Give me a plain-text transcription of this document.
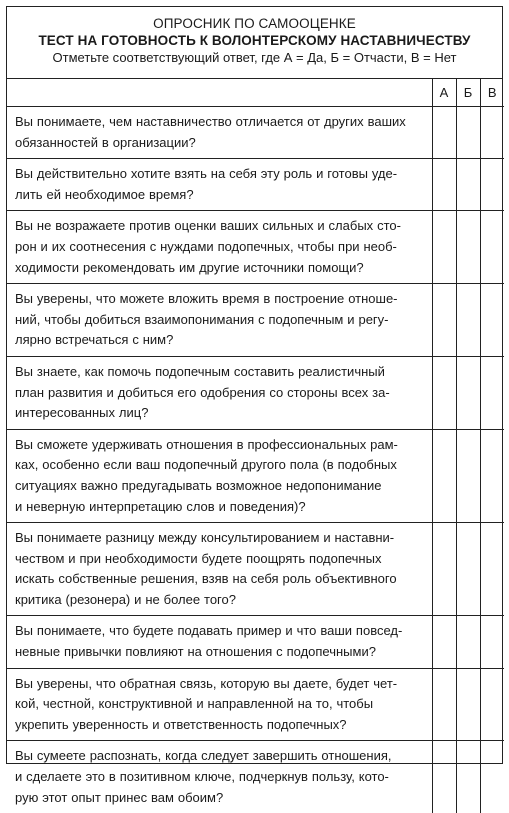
ОПРОСНИК ПО САМООЦЕНКЕ
ТЕСТ НА ГОТОВНОСТЬ К ВОЛОНТЕРСКОМУ НАСТАВНИЧЕСТВУ
Отметьте соответствующий ответ, где А = Да, Б = Отчасти, В = Нет
	А	Б	В

Вы понимаете, чем наставничество отличается от других ваших
обязанностей в организации?			

Вы действительно хотите взять на себя эту роль и готовы уде-
лить ей необходимое время?			

Вы не возражаете против оценки ваших сильных и слабых сто-
рон и их соотнесения с нуждами подопечных, чтобы при необ-
ходимости рекомендовать им другие источники помощи?			

Вы уверены, что можете вложить время в построение отноше-
ний, чтобы добиться взаимопонимания с подопечным и регу-
лярно встречаться с ним?			

Вы знаете, как помочь подопечным составить реалистичный
план развития и добиться его одобрения со стороны всех за-
интересованных лиц?			

Вы сможете удерживать отношения в профессиональных рам-
ках, особенно если ваш подопечный другого пола (в подобных
ситуациях важно предугадывать возможное недопонимание
и неверную интерпретацию слов и поведения)?			

Вы понимаете разницу между консультированием и наставни-
чеством и при необходимости будете поощрять подопечных
искать собственные решения, взяв на себя роль объективного
критика (резонера) и не более того?			

Вы понимаете, что будете подавать пример и что ваши повсед-
невные привычки повлияют на отношения с подопечными?			

Вы уверены, что обратная связь, которую вы даете, будет чет-
кой, честной, конструктивной и направленной на то, чтобы
укрепить уверенность и ответственность подопечных?			

Вы сумеете распознать, когда следует завершить отношения,
и сделаете это в позитивном ключе, подчеркнув пользу, кото-
рую этот опыт принес вам обоим?			
